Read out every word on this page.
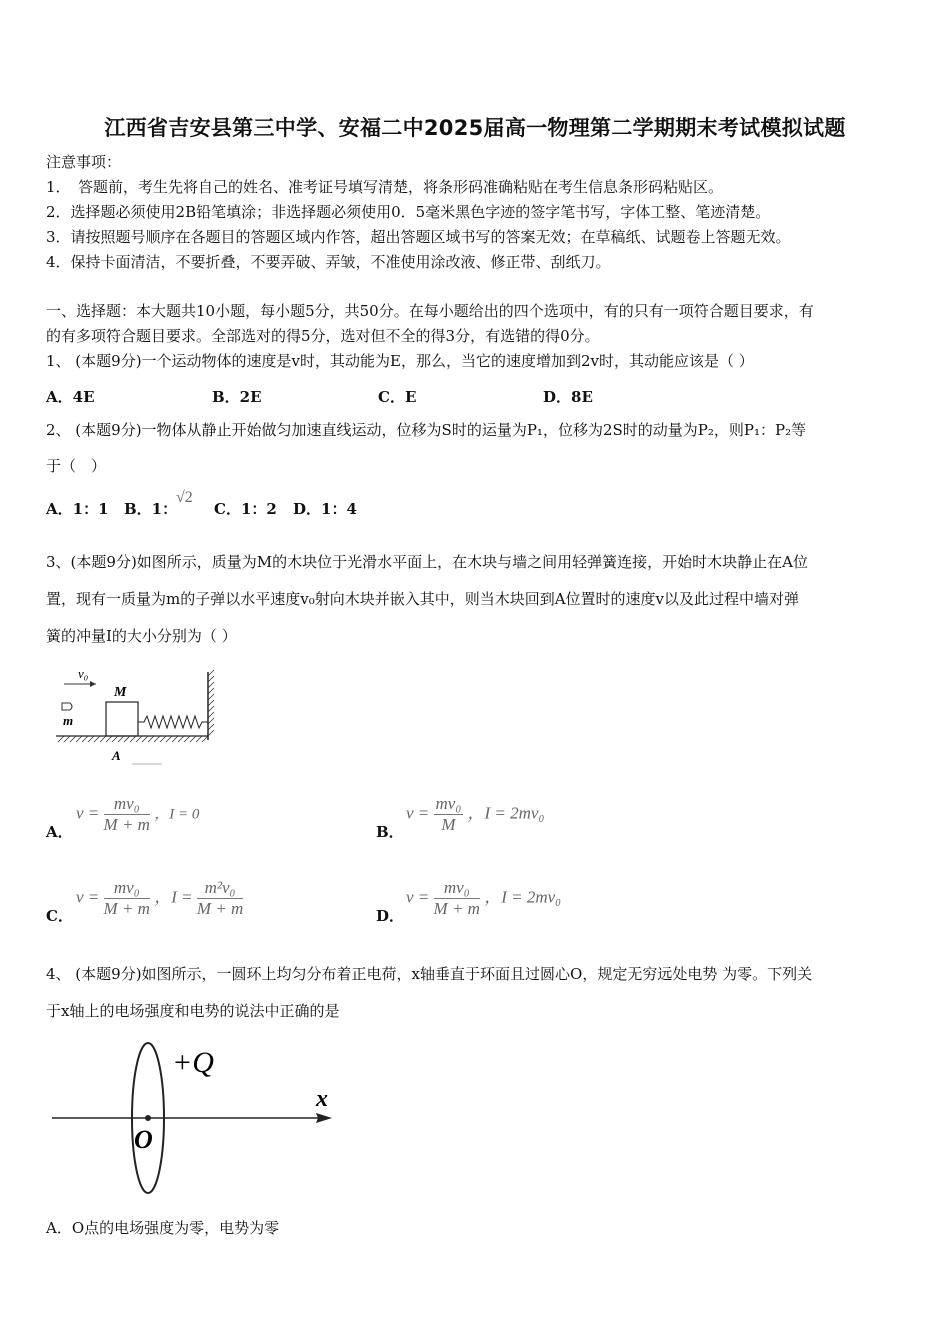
江西省吉安县第三中学、安福二中2025届高一物理第二学期期末考试模拟试题
注意事项：
1．　答题前，考生先将自己的姓名、准考证号填写清楚，将条形码准确粘贴在考生信息条形码粘贴区。
2．选择题必须使用2B铅笔填涂；非选择题必须使用0．5毫米黑色字迹的签字笔书写，字体工整、笔迹清楚。
3．请按照题号顺序在各题目的答题区域内作答，超出答题区域书写的答案无效；在草稿纸、试题卷上答题无效。
4．保持卡面清洁，不要折叠，不要弄破、弄皱，不准使用涂改液、修正带、刮纸刀。
一、选择题：本大题共10小题，每小题5分，共50分。在每小题给出的四个选项中，有的只有一项符合题目要求，有
的有多项符合题目要求。全部选对的得5分，选对但不全的得3分，有选错的得0分。
1、 (本题9分)一个运动物体的速度是v时，其动能为E，那么，当它的速度增加到2v时，其动能应该是（ ）
A．4E	B．2E	C．E	D．8E
2、 (本题9分)一物体从静止开始做匀加速直线运动，位移为S时的运量为P₁，位移为2S时的动量为P₂，则P₁：P₂等
于（　）
A．1：1 B．1：
√2
C．1：2 D．1：4
3、(本题9分)如图所示，质量为M的木块位于光滑水平面上，在木块与墙之间用轻弹簧连接，开始时木块静止在A位
置，现有一质量为m的子弹以水平速度v₀射向木块并嵌入其中，则当木块回到A位置时的速度v以及此过程中墙对弹
簧的冲量I的大小分别为（ ）
v₀
M
m
A
A．
$v = \frac{\text{mv₀}}{M + m}$ ，I = 0
B．
$v = \frac{\text{mv₀}}{M}$ ，I = 2mv₀
C．
$v = \frac{\text{mv₀}}{M + m}$ ，$I = \frac{\text{m²v₀}}{M + m}$	D．
$v = \frac{\text{mv₀}}{M + m}$ ，I = 2mv₀
4、 (本题9分)如图所示，一圆环上均匀分布着正电荷，x轴垂直于环面且过圆心O，规定无穷远处电势 为零。下列关
于x轴上的电场强度和电势的说法中正确的是
+Q
x
O
A．O点的电场强度为零，电势为零
